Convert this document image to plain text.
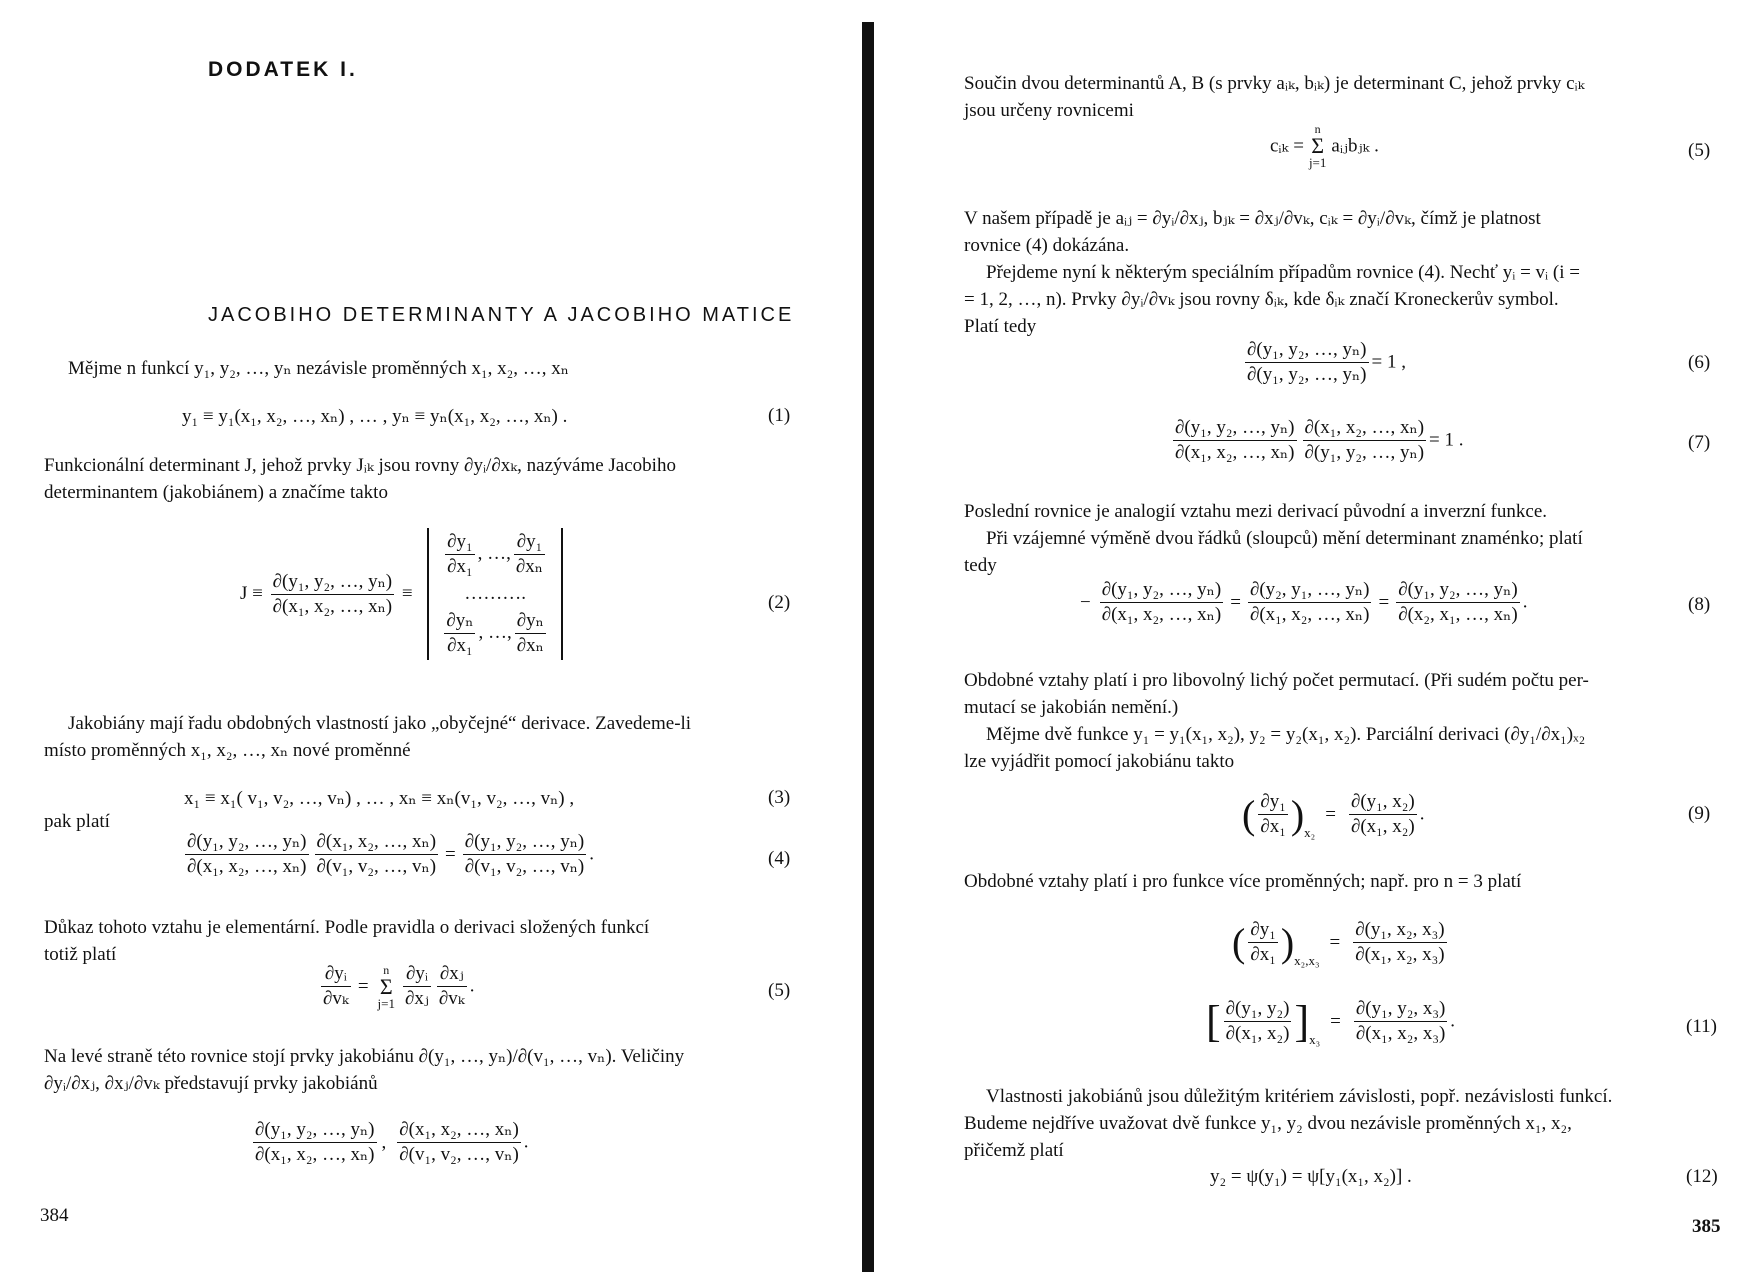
DODATEK I.
JACOBIHO DETERMINANTY A JACOBIHO MATICE
Mějme n funkcí y₁, y₂, …, yₙ nezávisle proměnných x₁, x₂, …, xₙ
y₁ ≡ y₁(x₁, x₂, …, xₙ) , … , yₙ ≡ yₙ(x₁, x₂, …, xₙ) .	(1)
Funkcionální determinant J, jehož prvky Jᵢₖ jsou rovny ∂yᵢ/∂xₖ, nazýváme Jacobiho
determinantem (jakobiánem) a značíme takto
$J \equiv \frac{\text{∂(y₁, y₂, …, yₙ)}}{\text{∂(x₁, x₂, …, xₙ)}}$ ≡
$\frac{\text{∂y₁}}{\text{∂x₁}}$ , …, $\frac{\text{∂y₁}}{\text{∂xₙ}}$
……….
$\frac{\text{∂yₙ}}{\text{∂x₁}}$ , …, $\frac{\text{∂yₙ}}{\text{∂xₙ}}$
(2)
Jakobiány mají řadu obdobných vlastností jako „obyčejné“ derivace. Zavedeme-li
místo proměnných x₁, x₂, …, xₙ nové proměnné
x₁ ≡ x₁( v₁, v₂, …, vₙ) , … , xₙ ≡ xₙ(v₁, v₂, …, vₙ) ,	(3)
pak platí
$\frac{\text{∂(y₁, y₂, …, yₙ)}}{\text{∂(x₁, x₂, …, xₙ)}} \frac{\text{∂(x₁, x₂, …, xₙ)}}{\text{∂(v₁, v₂, …, vₙ)}} = \frac{\text{∂(y₁, y₂, …, yₙ)}}{\text{∂(v₁, v₂, …, vₙ)}}$ .	(4)
Důkaz tohoto vztahu je elementární. Podle pravidla o derivaci složených funkcí
totiž platí
$\frac{\text{∂yᵢ}}{\text{∂vₖ}}$ =
n
Σ
$j=1 \frac{\text{∂yᵢ}}{\text{∂xⱼ}} \frac{\text{∂xⱼ}}{\text{∂vₖ}}$ .	(5)
Na levé straně této rovnice stojí prvky jakobiánu ∂(y₁, …, yₙ)/∂(v₁, …, vₙ). Veličiny
∂yᵢ/∂xⱼ, ∂xⱼ/∂vₖ představují prvky jakobiánů
$\frac{\text{∂(y₁, y₂, …, yₙ)}}{\text{∂(x₁, x₂, …, xₙ)}}$ , $\frac{\text{∂(x₁, x₂, …, xₙ)}}{\text{∂(v₁, v₂, …, vₙ)}}$ .
384
Součin dvou determinantů A, B (s prvky aᵢₖ, bᵢₖ) je determinant C, jehož prvky cᵢₖ
jsou určeny rovnicemi
cᵢₖ =
n
Σ
j=1
aᵢⱼbⱼₖ .	(5)
V našem případě je aᵢⱼ = ∂yᵢ/∂xⱼ, bⱼₖ = ∂xⱼ/∂vₖ, cᵢₖ = ∂yᵢ/∂vₖ, čímž je platnost
rovnice (4) dokázána.
Přejdeme nyní k některým speciálním případům rovnice (4). Nechť yᵢ = vᵢ (i =
= 1, 2, …, n). Prvky ∂yᵢ/∂vₖ jsou rovny δᵢₖ, kde δᵢₖ značí Kroneckerův symbol.
Platí tedy
$\frac{\text{∂(y₁, y₂, …, yₙ)}}{\text{∂(y₁, y₂, …, yₙ)}} = 1$ ,	(6)
$\frac{\text{∂(y₁, y₂, …, yₙ)}}{\text{∂(x₁, x₂, …, xₙ)}} \frac{\text{∂(x₁, x₂, …, xₙ)}}{\text{∂(y₁, y₂, …, yₙ)}} = 1$ .	(7)
Poslední rovnice je analogií vztahu mezi derivací původní a inverzní funkce.
Při vzájemné výměně dvou řádků (sloupců) mění determinant znaménko; platí
tedy
− $\frac{\text{∂(y₁, y₂, …, yₙ)}}{\text{∂(x₁, x₂, …, xₙ)}} = \frac{\text{∂(y₂, y₁, …, yₙ)}}{\text{∂(x₁, x₂, …, xₙ)}} = \frac{\text{∂(y₁, y₂, …, yₙ)}}{\text{∂(x₂, x₁, …, xₙ)}}$ .	(8)
Obdobné vztahy platí i pro libovolný lichý počet permutací. (Při sudém počtu per-
mutací se jakobián nemění.)
Mějme dvě funkce y₁ = y₁(x₁, x₂), y₂ = y₂(x₁, x₂). Parciální derivaci (∂y₁/∂x₁)ₓ₂
lze vyjádřit pomocí jakobiánu takto
( $\frac{\text{∂y₁}}{\text{∂x₁}} )_{x_2}= \frac{\text{∂(y₁, x₂)}}{\text{∂(x₁, x₂)}}$ .	(9)
Obdobné vztahy platí i pro funkce více proměnných; např. pro n = 3 platí
( $\frac{\text{∂y₁}}{\text{∂x₁}} )_{x_2,x_3}= \frac{\text{∂(y₁, x₂, x₃)}}{\text{∂(x₁, x₂, x₃)}}$
[ $\frac{\text{∂(y₁, y₂)}}{\text{∂(x₁, x₂)}} ]_{x_3}= \frac{\text{∂(y₁, y₂, x₃)}}{\text{∂(x₁, x₂, x₃)}}$ .	(11)
Vlastnosti jakobiánů jsou důležitým kritériem závislosti, popř. nezávislosti funkcí.
Budeme nejdříve uvažovat dvě funkce y₁, y₂ dvou nezávisle proměnných x₁, x₂,
přičemž platí
y₂ = ψ(y₁) = ψ[y₁(x₁, x₂)] .	(12)
385
